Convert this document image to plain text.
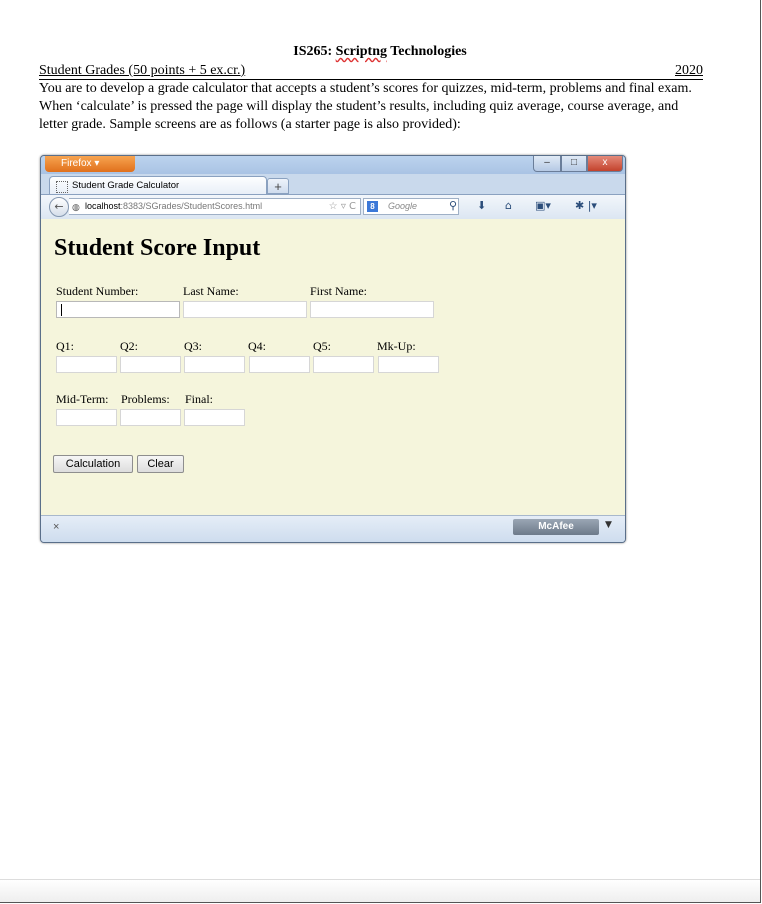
IS265: Scriptng Technologies
Student Grades (50 points + 5 ex.cr.)	2020
You are to develop a grade calculator that accepts a student’s scores for quizzes, mid-term, problems and final exam. When ‘calculate’ is pressed the page will display the student’s results, including quiz average, course average, and letter grade. Sample screens are as follows (a starter page is also provided):
Firefox ▾	–	□	x
Student Grade Calculator	+
← ◍ localhost:8383/SGrades/StudentScores.html	☆ ▿ C	8	Google	⚲ ⬇ ⌂ ▣▾ ✱ |▾
Student Score Input
Student Number:	Last Name:	First Name:
Q1:	Q2:	Q3:	Q4:	Q5:	Mk-Up:
Mid-Term: Problems: Final:
Calculation	Clear
×	McAfee	▼
